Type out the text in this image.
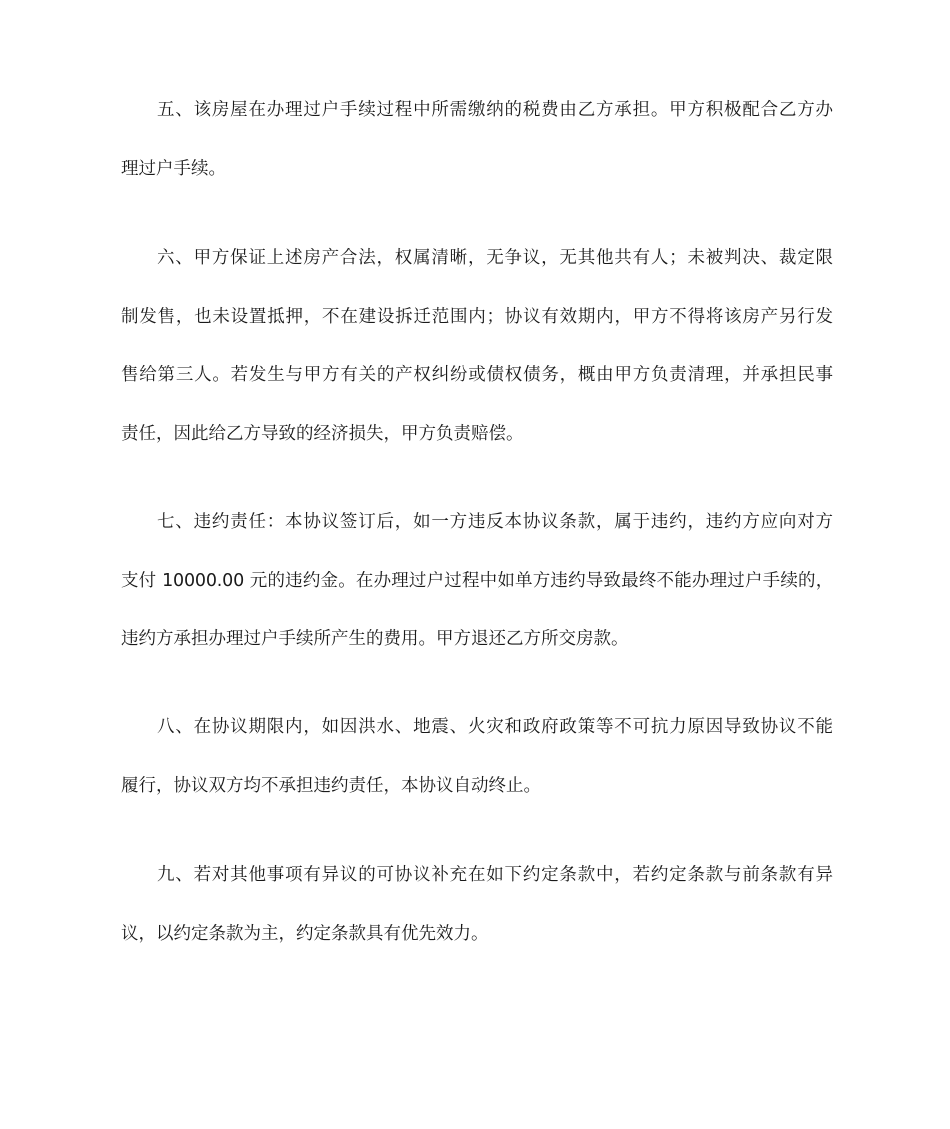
五、该房屋在办理过户手续过程中所需缴纳的税费由乙方承担。甲方积极配合乙方办
理过户手续。
六、甲方保证上述房产合法，权属清晰，无争议，无其他共有人；未被判决、裁定限
制发售，也未设置抵押，不在建设拆迁范围内；协议有效期内，甲方不得将该房产另行发
售给第三人。若发生与甲方有关的产权纠纷或债权债务，概由甲方负责清理，并承担民事
责任，因此给乙方导致的经济损失，甲方负责赔偿。
七、违约责任：本协议签订后，如一方违反本协议条款，属于违约，违约方应向对方
支付 10000.00 元的违约金。在办理过户过程中如单方违约导致最终不能办理过户手续的，
违约方承担办理过户手续所产生的费用。甲方退还乙方所交房款。
八、在协议期限内，如因洪水、地震、火灾和政府政策等不可抗力原因导致协议不能
履行，协议双方均不承担违约责任，本协议自动终止。
九、若对其他事项有异议的可协议补充在如下约定条款中，若约定条款与前条款有异
议，以约定条款为主，约定条款具有优先效力。
